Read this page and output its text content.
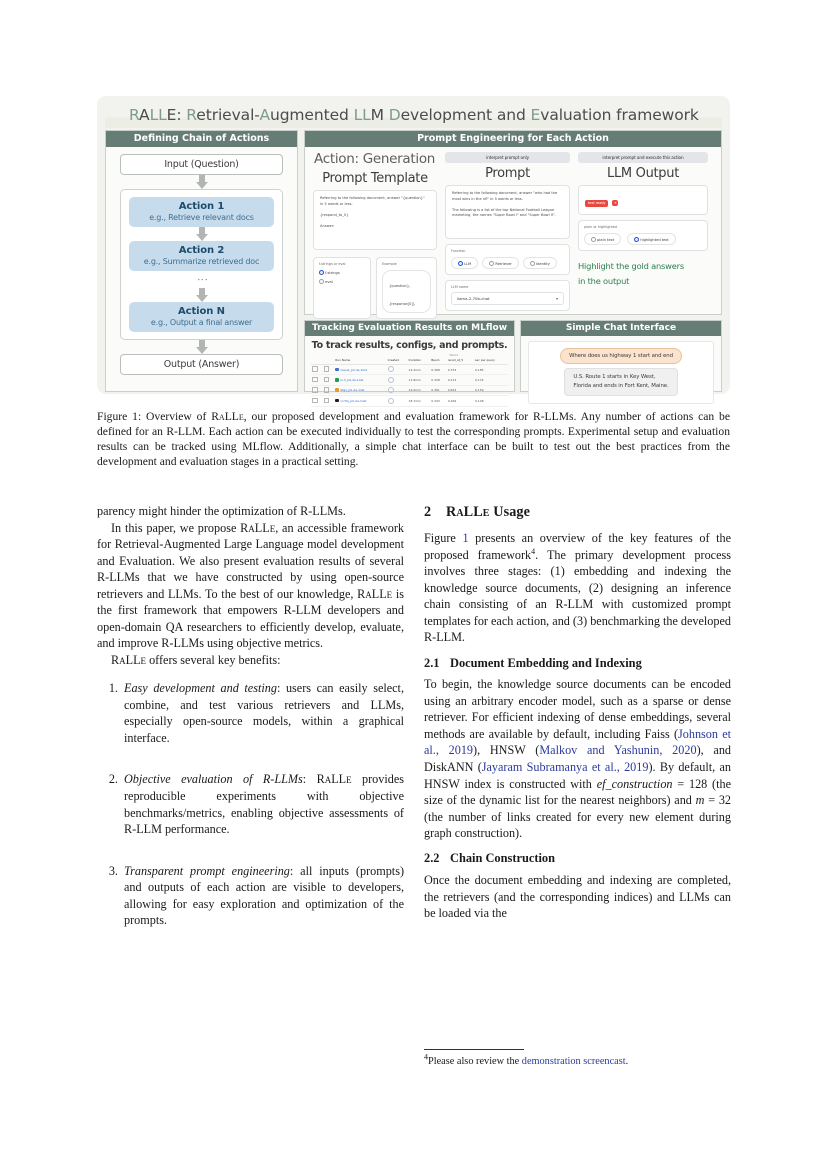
RALLE: Retrieval-Augmented LLM Development and Evaluation framework
Defining Chain of Actions
Input (Question)
Action 1
e.g., Retrieve relevant docs
Action 2
e.g., Summarize retrieved doc
⋮
Action N
e.g., Output a final answer
Output (Answer)
Prompt Engineering for Each Action
Action: Generation
Prompt Template
Referring to the following document, answer "{question}"
in 5 words or less.

{respond_to_0}

Answer:
f-strings or eval
f-strings
eval
Example
{question}, {response[0]}
interpret prompt only
Prompt
Referring to the following document, answer "who had the
most wins in the nfl" in 5 words or less.

The following is a list of the top National Football League
marketing, the names "Super Bowl I" and "Super Bowl II".
Function
LLM	Retriever	Identity
LLM name
llama-2-70b-chat	▾
interpret prompt and execute this action
LLM Output
text ready ✕
plain or highlighted
plain text	highlighted text
Highlight the gold answers
in the output
Tracking Evaluation Results on MLflow
To track results, configs, and prompts.
Metrics
		Run Name	Created	Duration	Bpem	recall_at_5	sec per query
		nlevel_p0-de-1list		14.2min	0.368	0.753	0.185
		G-3_p0-de-1list		11.8min	0.328	0.213	0.174
		Stgs_p0-de-1list		14.6min	0.361	0.654	0.159
		rocflq_p0-de-1list		18.7min	0.343	0.469	0.148
Simple Chat Interface
Where does us highway 1 start and end
U.S. Route 1 starts in Key West,
Florida and ends in Fort Kent, Maine.
Figure 1: Overview of RaLLe, our proposed development and evaluation framework for R-LLMs. Any number of actions can be defined for an R-LLM. Each action can be executed individually to test the corresponding prompts. Experimental setup and evaluation results can be tracked using MLflow. Additionally, a simple chat interface can be built to test out the best practices from the development and evaluation stages in a practical setting.

parency might hinder the optimization of R-LLMs.

In this paper, we propose RaLLe, an accessible framework for Retrieval-Augmented Large Language model development and Evaluation. We also present evaluation results of several R-LLMs that we have constructed by using open-source retrievers and LLMs. To the best of our knowledge, RaLLe is the first framework that empowers R-LLM developers and open-domain QA researchers to efficiently develop, evaluate, and improve R-LLMs using objective metrics.

RaLLe offers several key benefits:

1. Easy development and testing: users can easily select, combine, and test various retrievers and LLMs, especially open-source models, within a graphical interface.
2. Objective evaluation of R-LLMs: RaLLe provides reproducible experiments with objective benchmarks/metrics, enabling objective assessments of R-LLM performance.
3. Transparent prompt engineering: all inputs (prompts) and outputs of each action are visible to developers, allowing for easy exploration and optimization of the prompts.
2 RaLLe Usage

Figure 1 presents an overview of the key features of the proposed framework$^4$. The primary development process involves three stages: (1) embedding and indexing the knowledge source documents, (2) designing an inference chain consisting of an R-LLM with customized prompt templates for each action, and (3) benchmarking the developed R-LLM.

2.1 Document Embedding and Indexing

To begin, the knowledge source documents can be encoded using an arbitrary encoder model, such as a sparse or dense retriever. For efficient indexing of dense embeddings, several methods are available by default, including Faiss (Johnson et al., 2019), HNSW (Malkov and Yashunin, 2020), and DiskANN (Jayaram Subramanya et al., 2019). By default, an HNSW index is constructed with ef_construction = 128 (the size of the dynamic list for the nearest neighbors) and m = 32 (the number of links created for every new element during graph construction).

2.2 Chain Construction

Once the document embedding and indexing are completed, the retrievers (and the corresponding indices) and LLMs can be loaded via the

$^4$Please also review the demonstration screencast.
